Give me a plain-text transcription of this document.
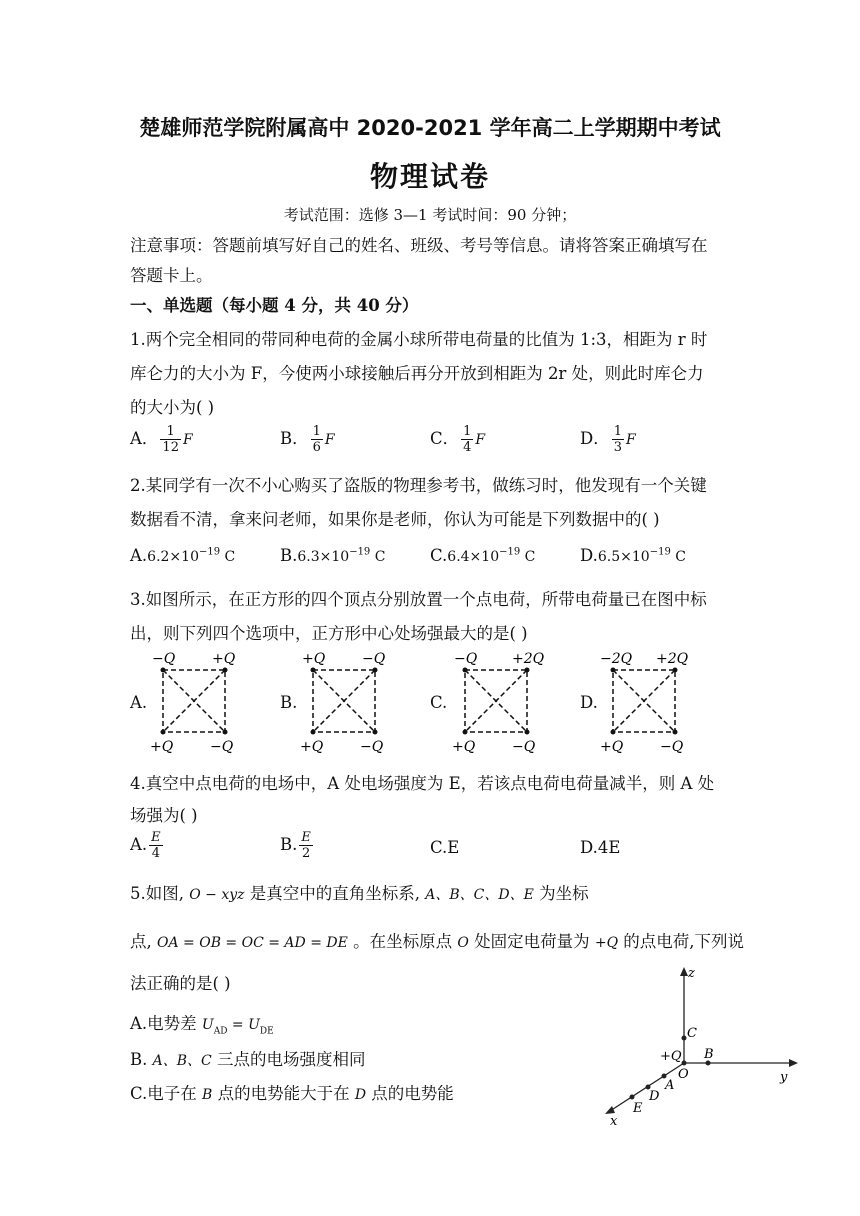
楚雄师范学院附属高中 2020-2021 学年高二上学期期中考试
物理试卷
考试范围：选修 3—1 考试时间：90 分钟；
注意事项：答题前填写好自己的姓名、班级、考号等信息。请将答案正确填写在
答题卡上。
一、单选题（每小题 4 分，共 40 分）
1.两个完全相同的带同种电荷的金属小球所带电荷量的比值为 1:3，相距为 r 时
库仑力的大小为 F，今使两小球接触后再分开放到相距为 2r 处，则此时库仑力
的大小为( )
A． $\frac{1}{12}$ F	B． $\frac{1}{6}$ F	C． $\frac{1}{4}$ F	D． $\frac{1}{3}$ F
2.某同学有一次不小心购买了盗版的物理参考书，做练习时，他发现有一个关键
数据看不清，拿来问老师，如果你是老师，你认为可能是下列数据中的( )
$A.6.2\times 10^{-19}$ C	$B.6.3\times 10^{-19}$ C	$C.6.4\times 10^{-19}$ C	$D.6.5\times 10^{-19}$ C
3.如图所示，在正方形的四个顶点分别放置一个点电荷，所带电荷量已在图中标
出，则下列四个选项中，正方形中心处场强最大的是( )
A.
−Q	+Q
+Q	−Q
B.
+Q	−Q
+Q	−Q
C.
−Q +2Q
+Q	−Q
D.
−2Q +2Q
+Q	−Q
4.真空中点电荷的电场中，A 处电场强度为 E，若该点电荷电荷量减半，则 A 处
场强为( )
A. $\frac{E}{4}$	B. $\frac{E}{2}$	C.E	D.4E
5.如图, O − xyz 是真空中的直角坐标系, A、B、C、D、E 为坐标
点, OA = OB = OC = AD = DE 。在坐标原点 O 处固定电荷量为 +Q 的点电荷,下列说
法正确的是( )
A.电势差 $U_{AD} = U_{DE}$
B. A、B、C 三点的电场强度相同
C.电子在 B 点的电势能大于在 D 点的电势能
z
y
x
C
B
+Q
O
A
D
E
